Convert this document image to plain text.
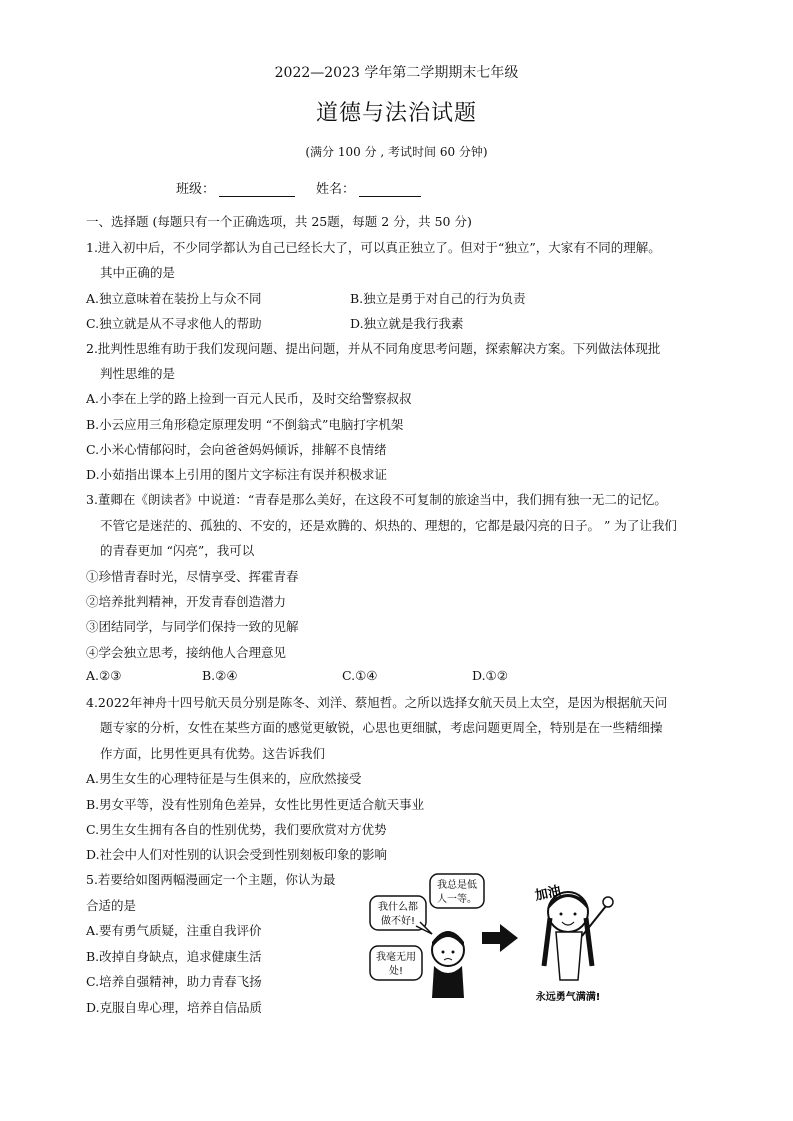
2022—2023 学年第二学期期末七年级
道德与法治试题
(满分 100 分 , 考试时间 60 分钟)
班级：	姓名：
一、选择题 (每题只有一个正确选项，共 25题，每题 2 分，共 50 分)
1.进入初中后，不少同学都认为自己已经长大了，可以真正独立了。但对于“独立”，大家有不同的理解。
其中正确的是
A.独立意味着在装扮上与众不同	B.独立是勇于对自己的行为负责
C.独立就是从不寻求他人的帮助	D.独立就是我行我素
2.批判性思维有助于我们发现问题、提出问题，并从不同角度思考问题，探索解决方案。下列做法体现批
判性思维的是
A.小李在上学的路上捡到一百元人民币，及时交给警察叔叔
B.小云应用三角形稳定原理发明 “不倒翁式”电脑打字机架
C.小米心情郁闷时，会向爸爸妈妈倾诉，排解不良情绪
D.小茹指出课本上引用的图片文字标注有误并积极求证
3.董卿在《朗读者》中说道：“青春是那么美好，在这段不可复制的旅途当中，我们拥有独一无二的记忆。
不管它是迷茫的、孤独的、不安的，还是欢腾的、炽热的、理想的，它都是最闪亮的日子。 ” 为了让我们
的青春更加 “闪亮”，我可以
①珍惜青春时光，尽情享受、挥霍青春
②培养批判精神，开发青春创造潜力
③团结同学，与同学们保持一致的见解
④学会独立思考，接纳他人合理意见
A.②③	B.②④	C.①④	D.①②
4.2022年神舟十四号航天员分别是陈冬、刘洋、蔡旭哲。之所以选择女航天员上太空，是因为根据航天问
题专家的分析，女性在某些方面的感觉更敏锐，心思也更细腻，考虑问题更周全，特别是在一些精细操
作方面，比男性更具有优势。这告诉我们
A.男生女生的心理特征是与生俱来的，应欣然接受
B.男女平等，没有性别角色差异，女性比男性更适合航天事业
C.男生女生拥有各自的性别优势，我们要欣赏对方优势
D.社会中人们对性别的认识会受到性别刻板印象的影响
5.若要给如图两幅漫画定一个主题，你认为最
合适的是
A.要有勇气质疑，注重自我评价
B.改掉自身缺点，追求健康生活
C.培养自强精神，助力青春飞扬
D.克服自卑心理，培养自信品质
我什么都
做不好!
我总是低
人一等。
我毫无用
处!
加油
永远勇气满满!
